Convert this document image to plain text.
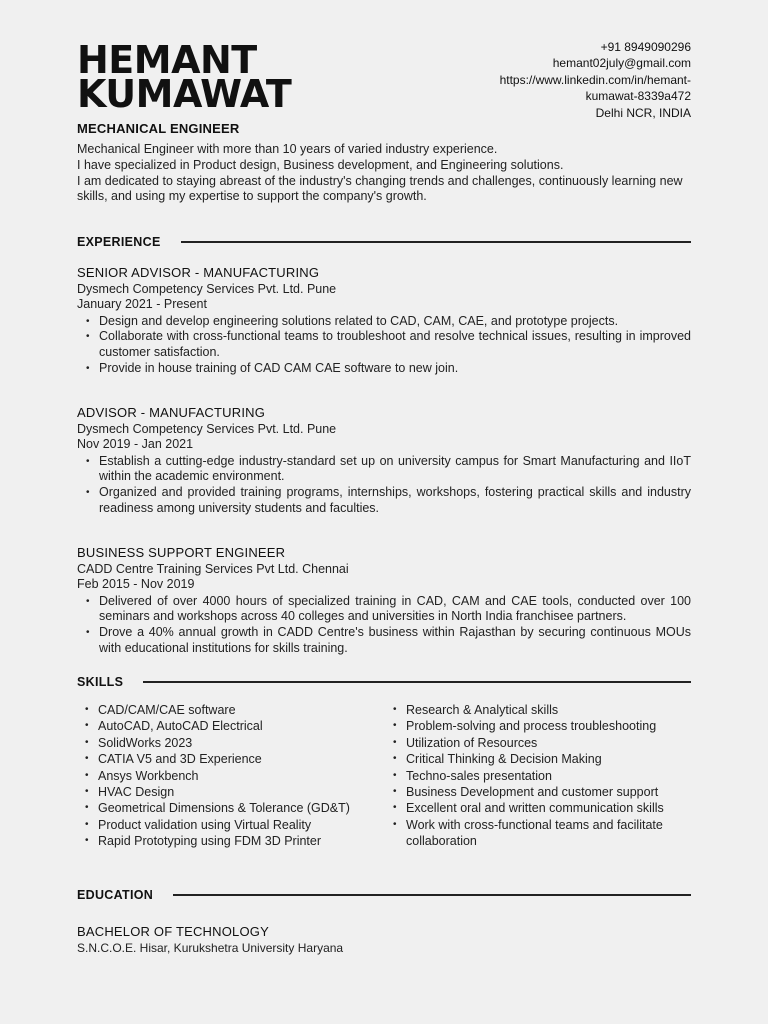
HEMANT
KUMAWAT
MECHANICAL ENGINEER
+91 8949090296
hemant02july@gmail.com
https://www.linkedin.com/in/hemant-
kumawat-8339a472
Delhi NCR, INDIA
Mechanical Engineer with more than 10 years of varied industry experience.
I have specialized in Product design, Business development, and Engineering solutions.
I am dedicated to staying abreast of the industry's changing trends and challenges, continuously learning new skills, and using my expertise to support the company's growth.
EXPERIENCE
SENIOR ADVISOR - MANUFACTURING
Dysmech Competency Services Pvt. Ltd. Pune
January 2021 - Present
• Design and develop engineering solutions related to CAD, CAM, CAE, and prototype projects.
• Collaborate with cross-functional teams to troubleshoot and resolve technical issues, resulting in improved customer satisfaction.
• Provide in house training of CAD CAM CAE software to new join.
ADVISOR - MANUFACTURING
Dysmech Competency Services Pvt. Ltd. Pune
Nov 2019 - Jan 2021
• Establish a cutting-edge industry-standard set up on university campus for Smart Manufacturing and IIoT within the academic environment.
• Organized and provided training programs, internships, workshops, fostering practical skills and industry readiness among university students and faculties.
BUSINESS SUPPORT ENGINEER
CADD Centre Training Services Pvt Ltd. Chennai
Feb 2015 - Nov 2019
• Delivered of over 4000 hours of specialized training in CAD, CAM and CAE tools, conducted over 100 seminars and workshops across 40 colleges and universities in North India franchisee partners.
• Drove a 40% annual growth in CADD Centre's business within Rajasthan by securing continuous MOUs with educational institutions for skills training.
SKILLS
• CAD/CAM/CAE software
• AutoCAD, AutoCAD Electrical
• SolidWorks 2023
• CATIA V5 and 3D Experience
• Ansys Workbench
• HVAC Design
• Geometrical Dimensions & Tolerance (GD&T)
• Product validation using Virtual Reality
• Rapid Prototyping using FDM 3D Printer
• Research & Analytical skills
• Problem-solving and process troubleshooting
• Utilization of Resources
• Critical Thinking & Decision Making
• Techno-sales presentation
• Business Development and customer support
• Excellent oral and written communication skills
• Work with cross-functional teams and facilitate collaboration
EDUCATION
BACHELOR OF TECHNOLOGY
S.N.C.O.E. Hisar, Kurukshetra University Haryana
